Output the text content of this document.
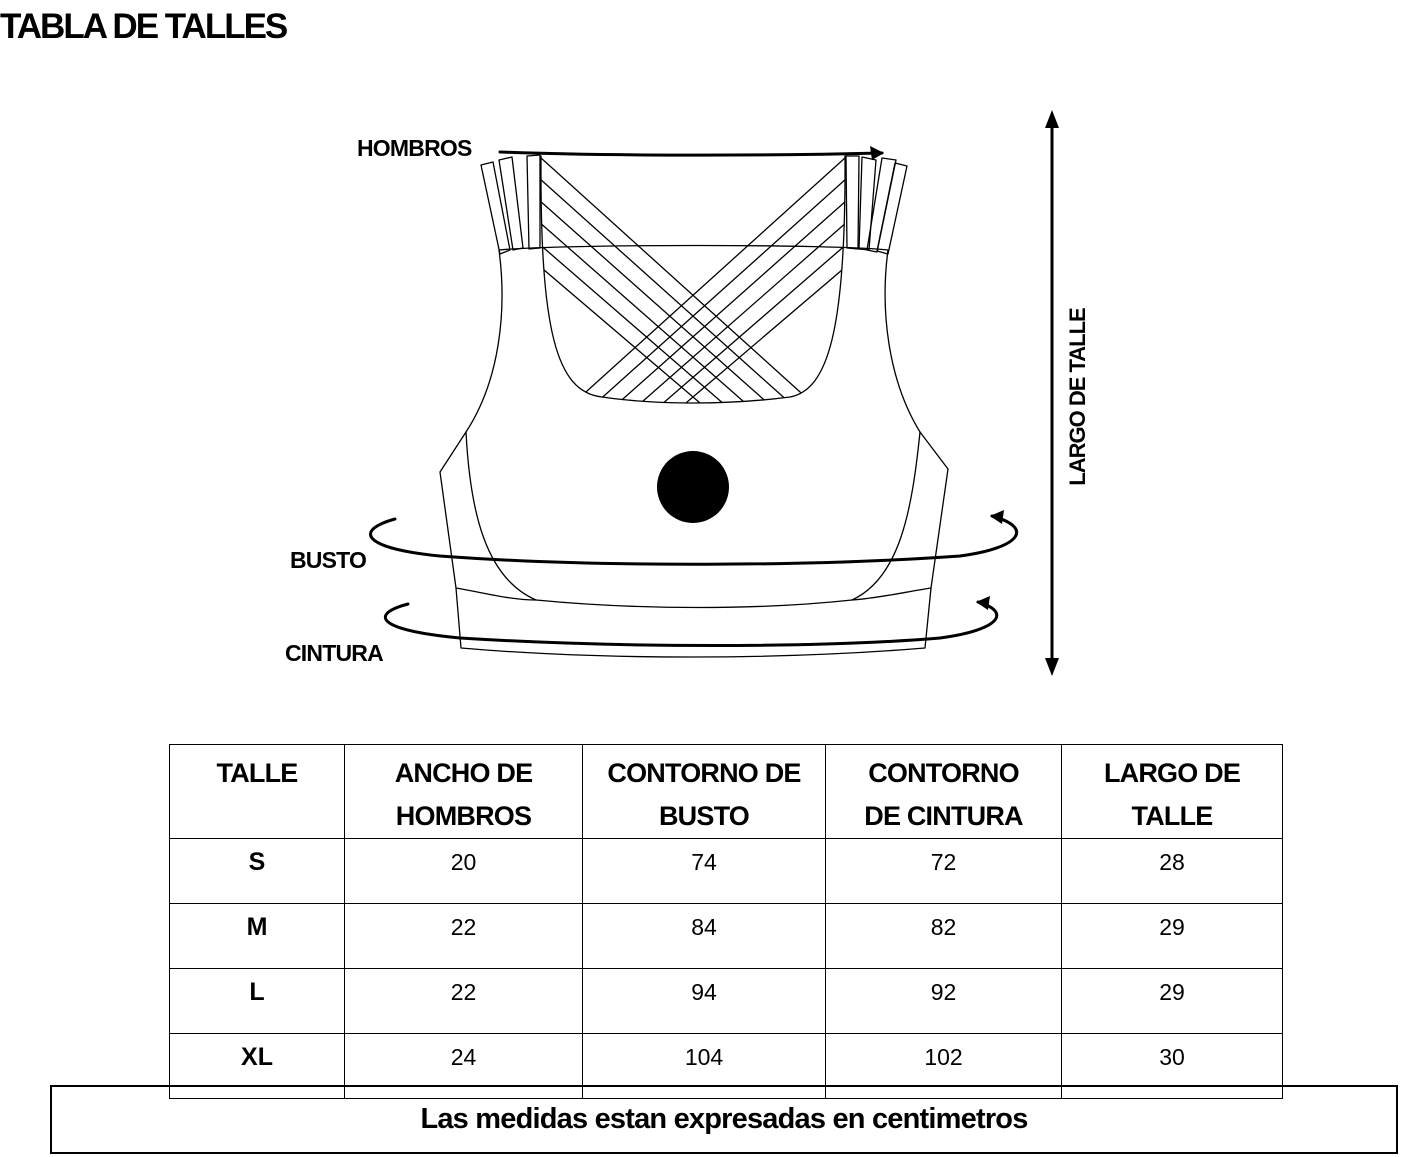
TABLA DE TALLES
HOMBROS
BUSTO
CINTURA
LARGO DE TALLE
TALLE	ANCHO DE HOMBROS	CONTORNO DE BUSTO	CONTORNO DE CINTURA	LARGO DE TALLE
S	20	74	72	28
M	22	84	82	29
L	22	94	92	29
XL	24	104	102	30
Las medidas estan expresadas en centimetros
